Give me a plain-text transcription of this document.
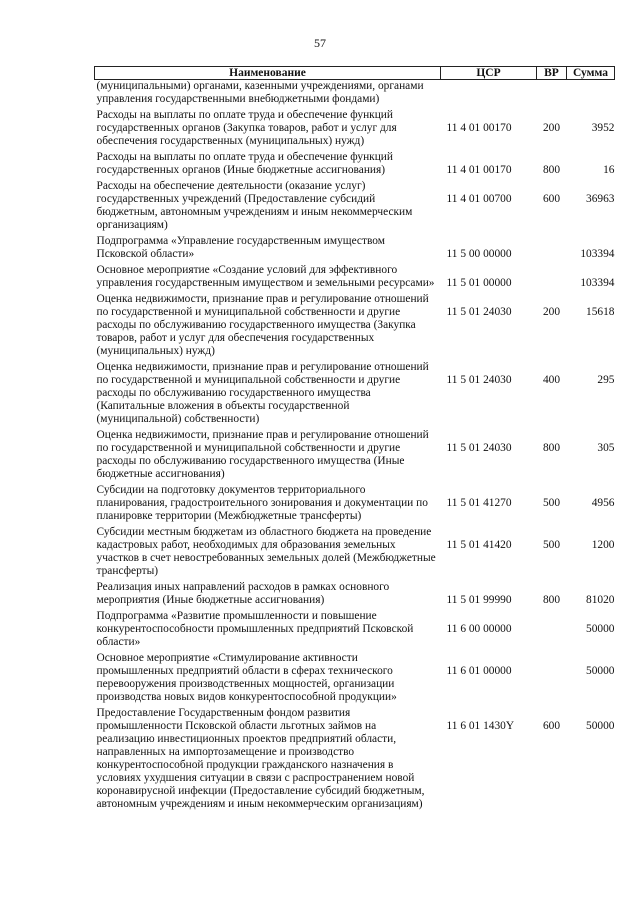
57
Наименование	ЦСР	ВР	Сумма
(муниципальными) органами, казенными учреждениями, органами управления государственными внебюджетными фондами)			
Расходы на выплаты по оплате труда и обеспечение функций государственных органов (Закупка товаров, работ и услуг для обеспечения государственных (муниципальных) нужд)	11 4 01 00170	200	3952
Расходы на выплаты по оплате труда и обеспечение функций государственных органов (Иные бюджетные ассигнования)	11 4 01 00170	800	16
Расходы на обеспечение деятельности (оказание услуг) государственных учреждений (Предоставление субсидий бюджетным, автономным учреждениям и иным некоммерческим организациям)	11 4 01 00700	600	36963
Подпрограмма «Управление государственным имуществом Псковской области»	11 5 00 00000		103394
Основное мероприятие «Создание условий для эффективного управления государственным имуществом и земельными ресурсами»	11 5 01 00000		103394
Оценка недвижимости, признание прав и регулирование отношений по государственной и муниципальной собственности и другие расходы по обслуживанию государственного имущества (Закупка товаров, работ и услуг для обеспечения государственных (муниципальных) нужд)	11 5 01 24030	200	15618
Оценка недвижимости, признание прав и регулирование отношений по государственной и муниципальной собственности и другие расходы по обслуживанию государственного имущества (Капитальные вложения в объекты государственной (муниципальной) собственности)	11 5 01 24030	400	295
Оценка недвижимости, признание прав и регулирование отношений по государственной и муниципальной собственности и другие расходы по обслуживанию государственного имущества (Иные бюджетные ассигнования)	11 5 01 24030	800	305
Субсидии на подготовку документов территориального планирования, градостроительного зонирования и документации по планировке территории (Межбюджетные трансферты)	11 5 01 41270	500	4956
Субсидии местным бюджетам из областного бюджета на проведение кадастровых работ, необходимых для образования земельных участков в счет невостребованных земельных долей (Межбюджетные трансферты)	11 5 01 41420	500	1200
Реализация иных направлений расходов в рамках основного мероприятия (Иные бюджетные ассигнования)	11 5 01 99990	800	81020
Подпрограмма «Развитие промышленности и повышение конкурентоспособности промышленных предприятий Псковской области»	11 6 00 00000		50000
Основное мероприятие «Стимулирование активности промышленных предприятий области в сферах технического перевооружения производственных мощностей, организации производства новых видов конкурентоспособной продукции»	11 6 01 00000		50000
Предоставление Государственным фондом развития промышленности Псковской области льготных займов на реализацию инвестиционных проектов предприятий области, направленных на импортозамещение и производство конкурентоспособной продукции гражданского назначения в условиях ухудшения ситуации в связи с распространением новой коронавирусной инфекции (Предоставление субсидий бюджетным, автономным учреждениям и иным некоммерческим организациям)	11 6 01 1430Y	600	50000
